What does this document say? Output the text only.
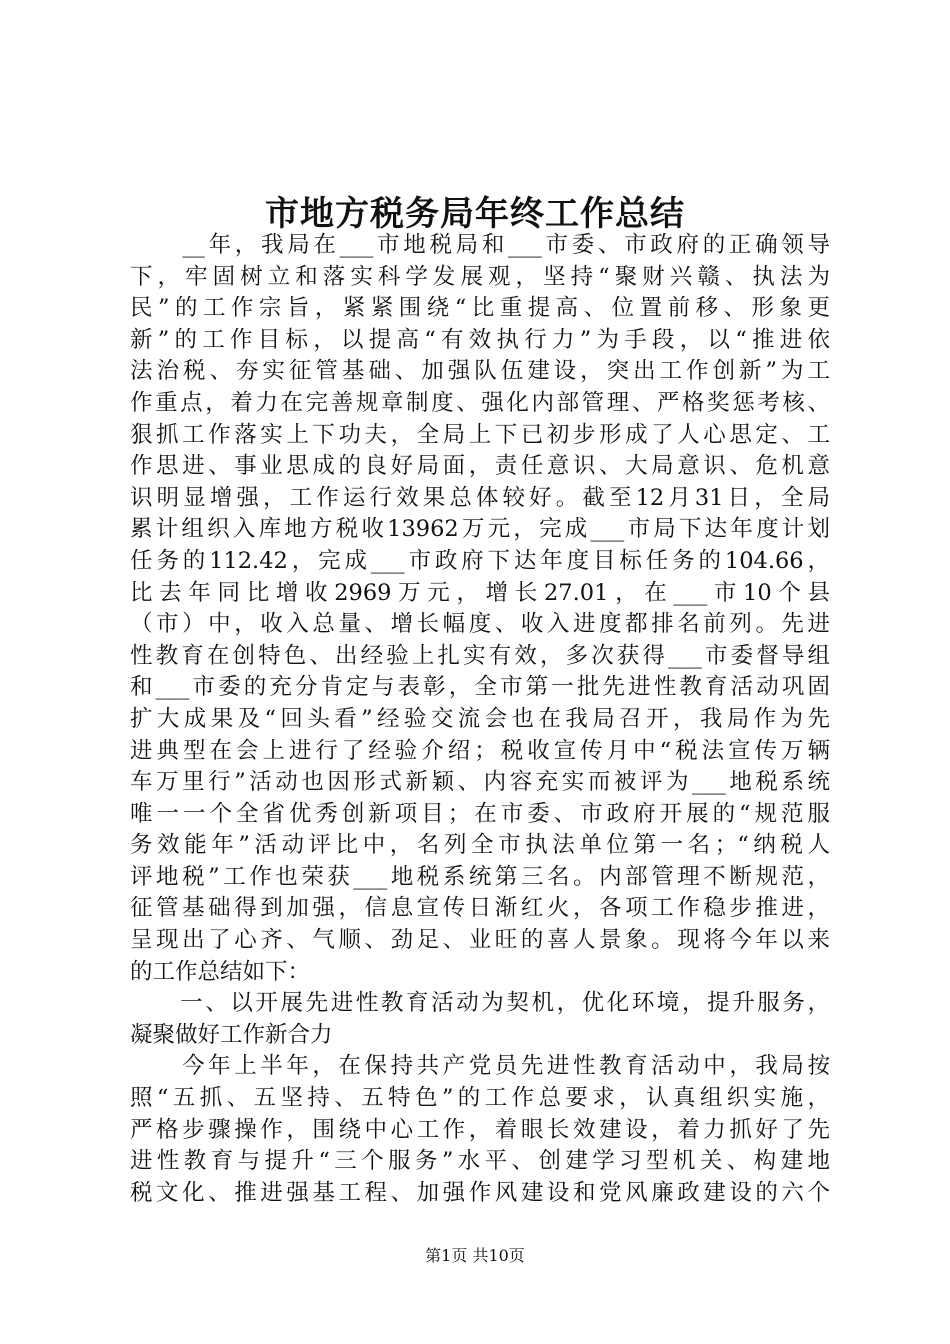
市地方税务局年终工作总结
　　__年，我局在___市地税局和___市委、市政府的正确领导
下，牢固树立和落实科学发展观，坚持“聚财兴赣、执法为
民”的工作宗旨，紧紧围绕“比重提高、位置前移、形象更
新”的工作目标，以提高“有效执行力”为手段，以“推进依
法治税、夯实征管基础、加强队伍建设，突出工作创新”为工
作重点，着力在完善规章制度、强化内部管理、严格奖惩考核、
狠抓工作落实上下功夫，全局上下已初步形成了人心思定、工
作思进、事业思成的良好局面，责任意识、大局意识、危机意
识明显增强，工作运行效果总体较好。截至12月31日，全局
累计组织入库地方税收13962万元，完成___市局下达年度计划
任务的112.42，完成___市政府下达年度目标任务的104.66，
比去年同比增收2969万元，增长27.01，在___市10个县
（市）中，收入总量、增长幅度、收入进度都排名前列。先进
性教育在创特色、出经验上扎实有效，多次获得___市委督导组
和___市委的充分肯定与表彰，全市第一批先进性教育活动巩固
扩大成果及“回头看”经验交流会也在我局召开，我局作为先
进典型在会上进行了经验介绍；税收宣传月中“税法宣传万辆
车万里行”活动也因形式新颖、内容充实而被评为___地税系统
唯一一个全省优秀创新项目；在市委、市政府开展的“规范服
务效能年”活动评比中，名列全市执法单位第一名；“纳税人
评地税”工作也荣获___地税系统第三名。内部管理不断规范，
征管基础得到加强，信息宣传日渐红火，各项工作稳步推进，
呈现出了心齐、气顺、劲足、业旺的喜人景象。现将今年以来
的工作总结如下：
　　一、以开展先进性教育活动为契机，优化环境，提升服务，
凝聚做好工作新合力
　　今年上半年，在保持共产党员先进性教育活动中，我局按
照“五抓、五坚持、五特色”的工作总要求，认真组织实施，
严格步骤操作，围绕中心工作，着眼长效建设，着力抓好了先
进性教育与提升“三个服务”水平、创建学习型机关、构建地
税文化、推进强基工程、加强作风建设和党风廉政建设的六个
第1页 共10页
